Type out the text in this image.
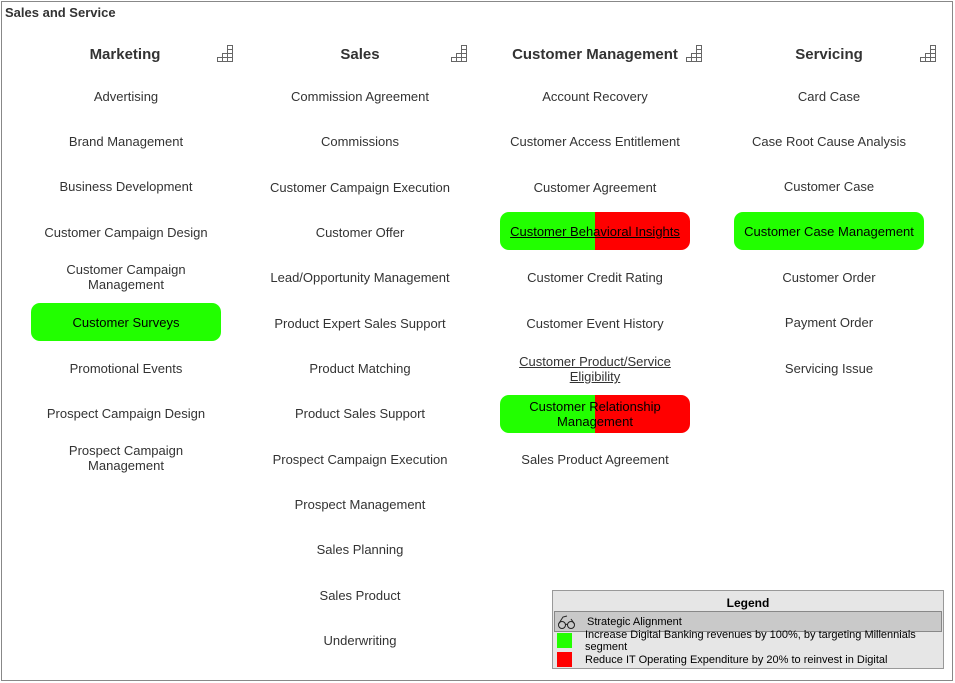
Sales and Service
Marketing	Sales	Customer Management	Servicing
Advertising
Brand Management
Business Development
Customer Campaign Design
Customer Campaign Management
Customer Surveys
Promotional Events
Prospect Campaign Design
Prospect Campaign Management
Commission Agreement
Commissions
Customer Campaign Execution
Customer Offer
Lead/Opportunity Management
Product Expert Sales Support
Product Matching
Product Sales Support
Prospect Campaign Execution
Prospect Management
Sales Planning
Sales Product
Underwriting
Account Recovery
Customer Access Entitlement
Customer Agreement
Customer Behavioral Insights
Customer Credit Rating
Customer Event History
Customer Product/Service Eligibility
Customer Relationship Management
Sales Product Agreement
Card Case
Case Root Cause Analysis
Customer Case
Customer Case Management
Customer Order
Payment Order
Servicing Issue
Legend
Strategic Alignment
Increase Digital Banking revenues by 100%, by targeting Millennials segment
Reduce IT Operating Expenditure by 20% to reinvest in Digital
